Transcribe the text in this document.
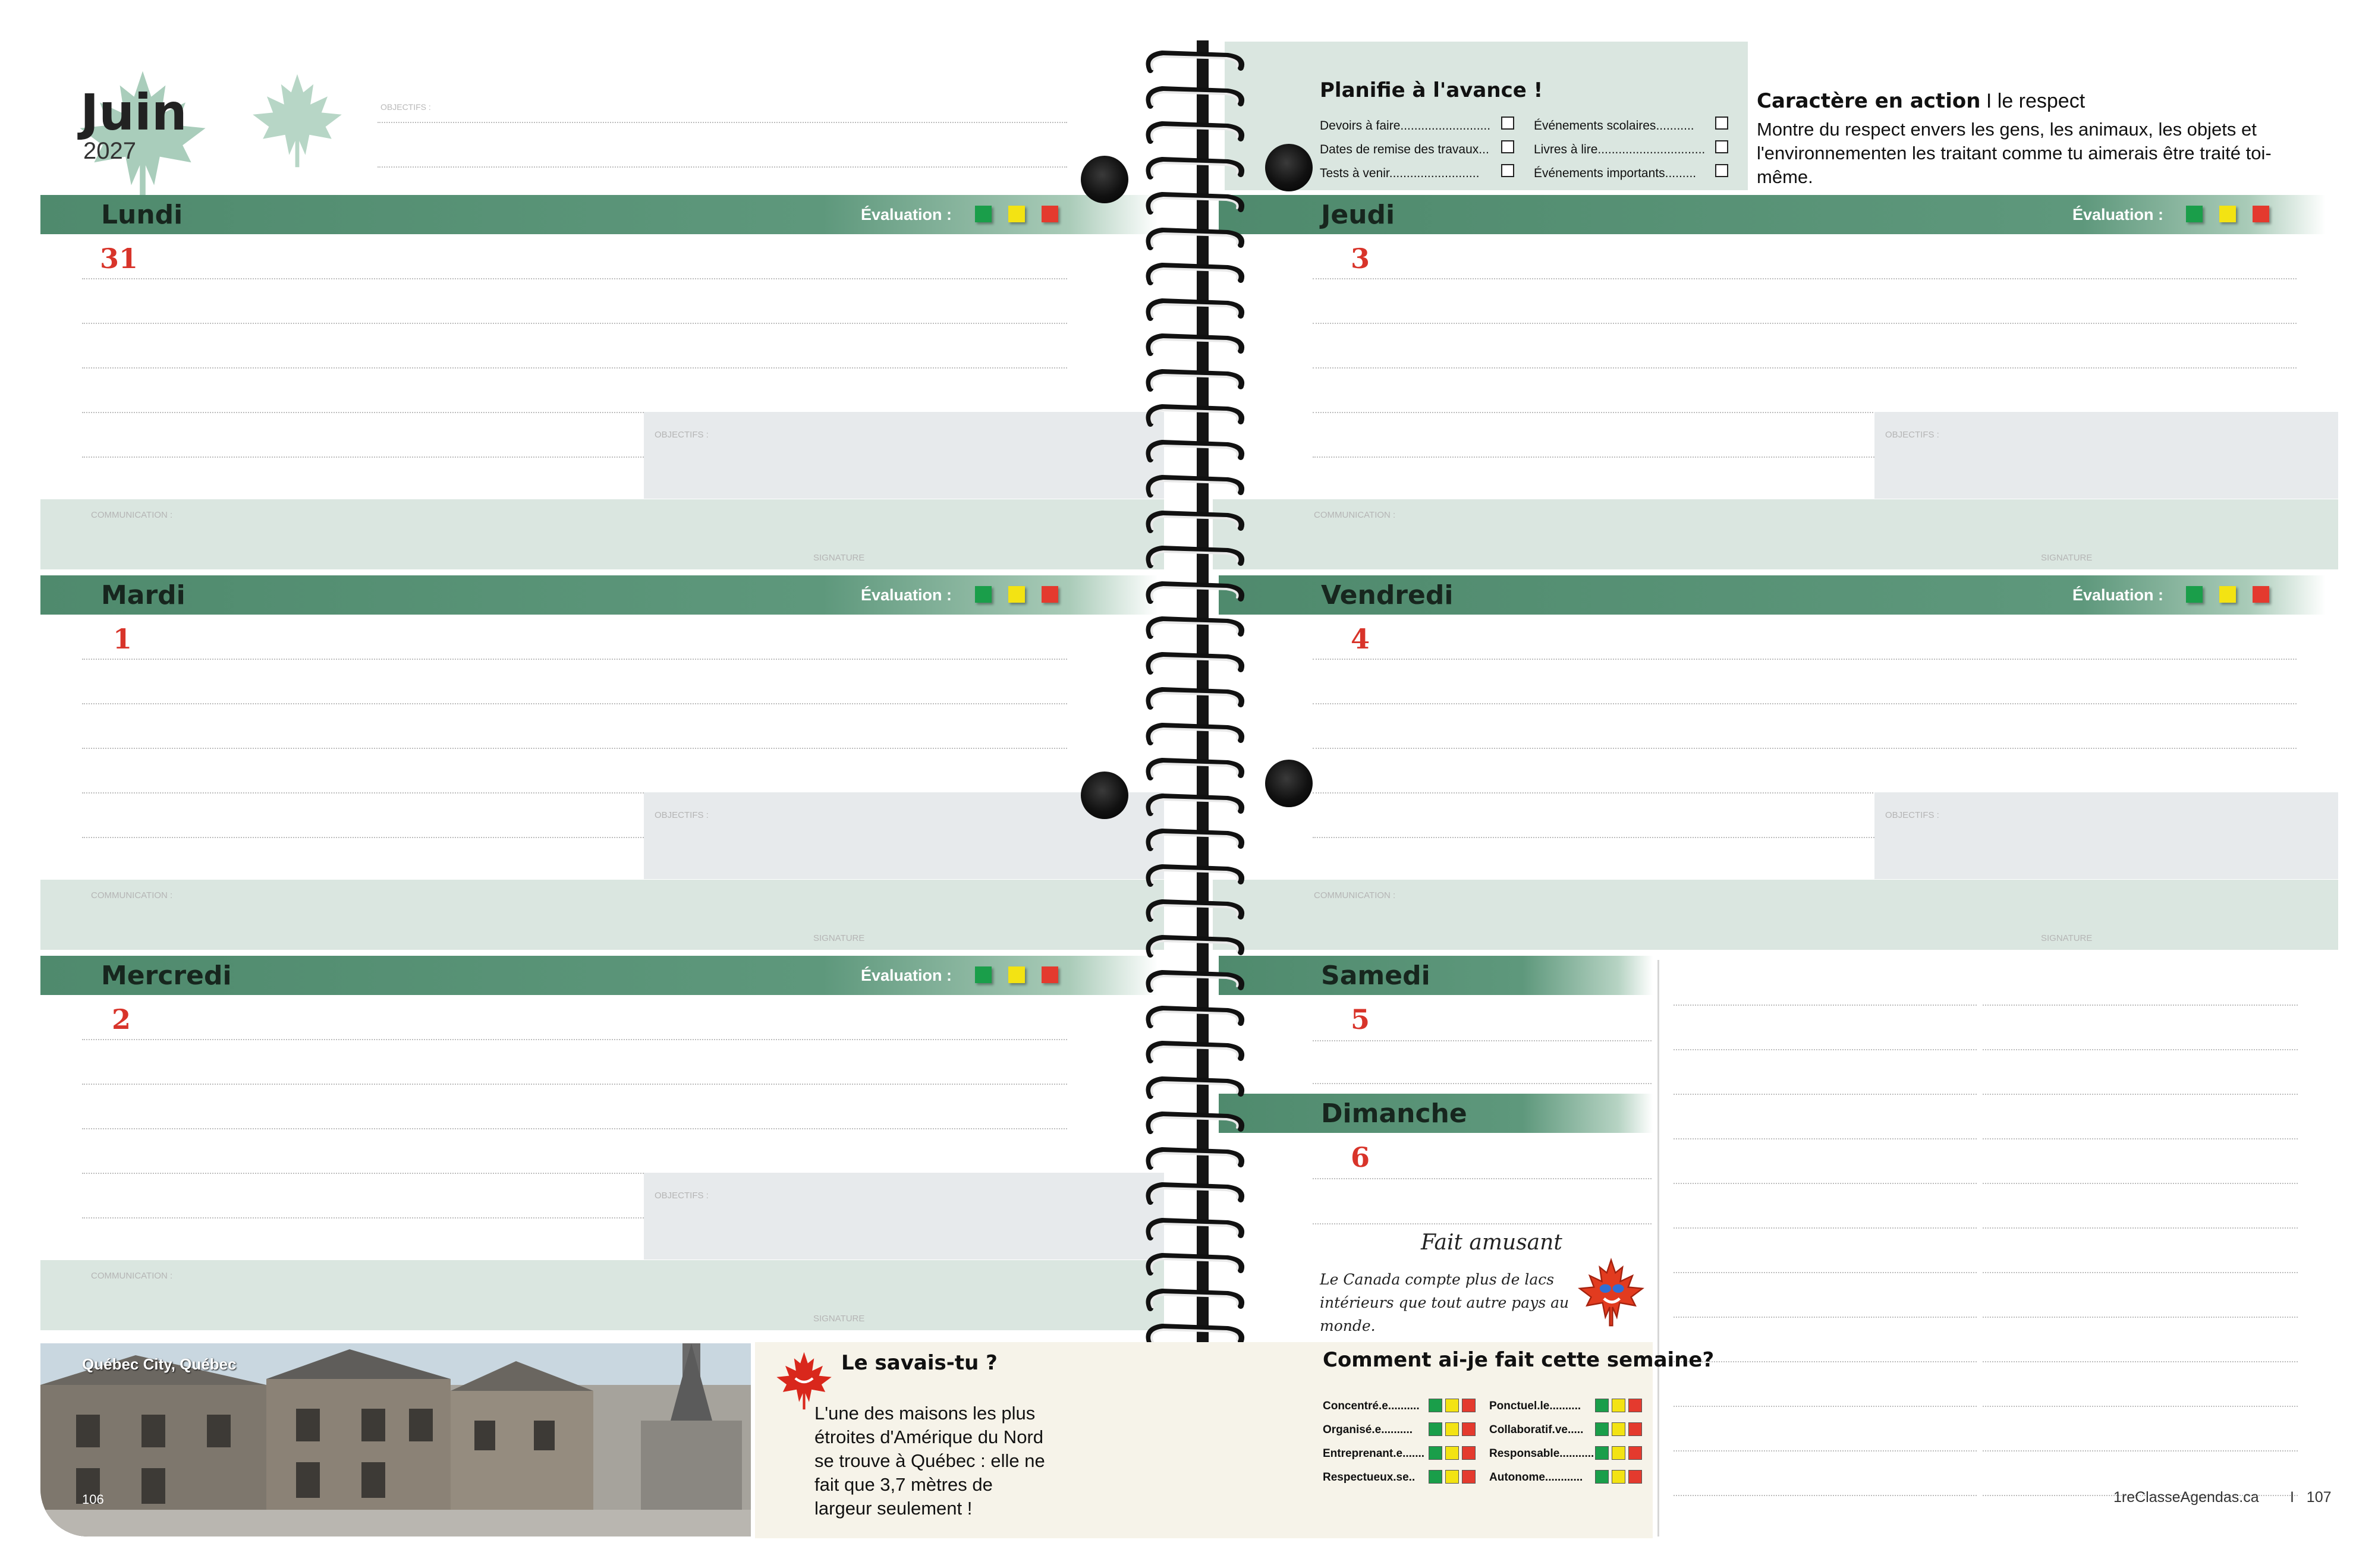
Juin
2027
OBJECTIFS :
Planifie à l'avance !
Devoirs à faire..........................
Dates de remise des travaux...
Tests à venir..........................
Événements scolaires...........
Livres à lire...............................
Événements importants.........
Caractère en action I le respect
Montre du respect envers les gens, les animaux, les objets et l'environnementen les traitant comme tu aimerais être traité toi-même.
Lundi	Évaluation :
31
OBJECTIFS :
COMMUNICATION :
SIGNATURE
Mardi	Évaluation :
1
OBJECTIFS :
COMMUNICATION :
SIGNATURE
Mercredi	Évaluation :
2
OBJECTIFS :
COMMUNICATION :
SIGNATURE
Jeudi	Évaluation :
3
OBJECTIFS :
COMMUNICATION :
SIGNATURE
Vendredi	Évaluation :
4
OBJECTIFS :
COMMUNICATION :
SIGNATURE
Samedi
5
Dimanche
6
Fait amusant
Le Canada compte plus de lacs intérieurs que tout autre pays au monde.
Québec City, Québec
106
Le savais-tu ?
L'une des maisons les plus étroites d'Amérique du Nord se trouve à Québec : elle ne fait que 3,7 mètres de largeur seulement !
Comment ai-je fait cette semaine?
Concentré.e..........
Organisé.e..........
Entreprenant.e.......
Respectueux.se..
Ponctuel.le..........
Collaboratif.ve.....
Responsable...........
Autonome............
1reClasseAgendas.ca I   107
